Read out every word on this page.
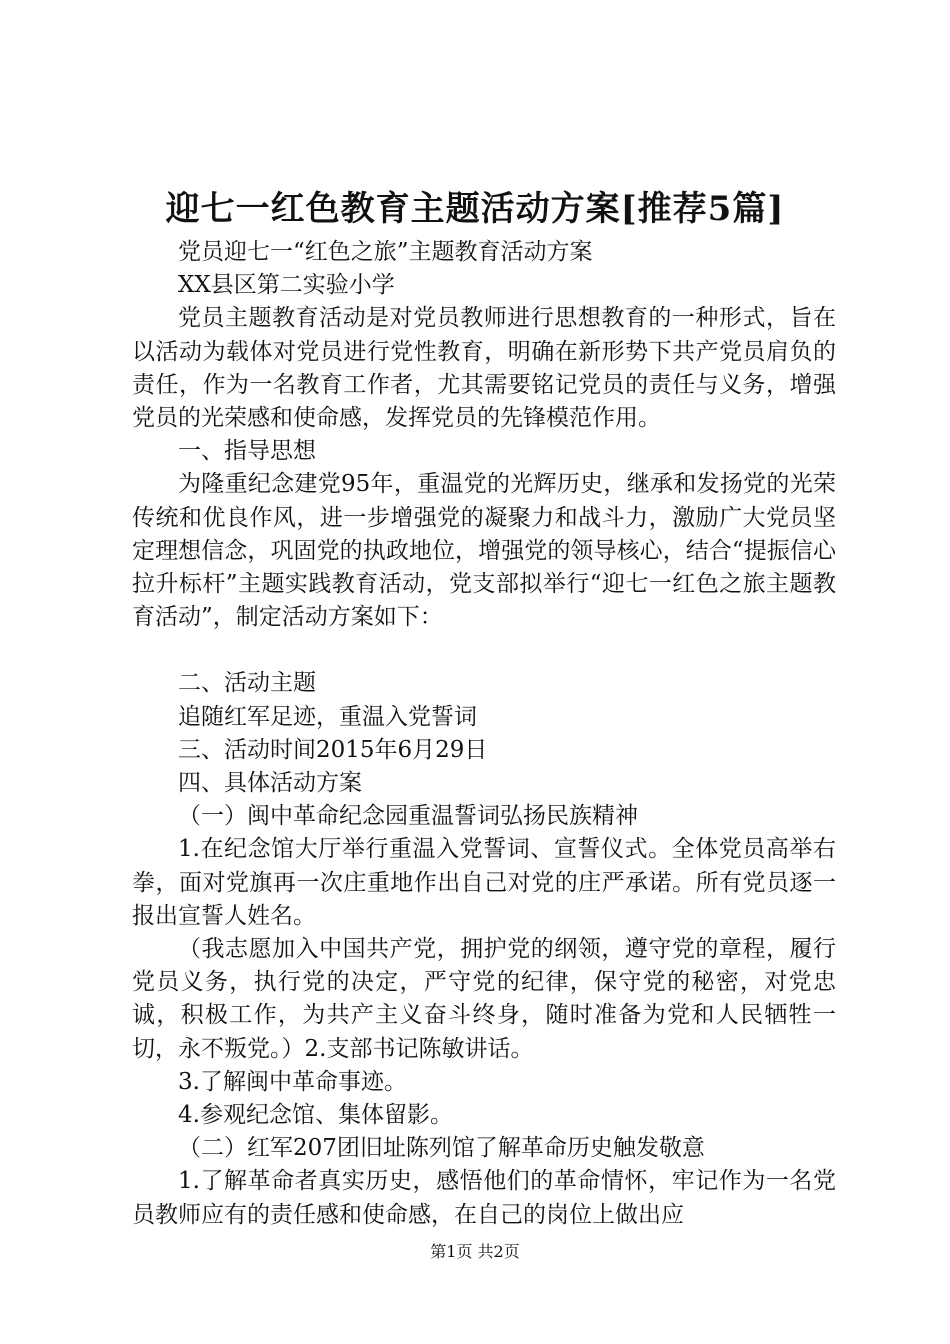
迎七一红色教育主题活动方案[推荐5篇]

党员迎七一“红色之旅”主题教育活动方案

XX县区第二实验小学

党员主题教育活动是对党员教师进行思想教育的一种形式，旨在以活动为载体对党员进行党性教育，明确在新形势下共产党员肩负的责任，作为一名教育工作者，尤其需要铭记党员的责任与义务，增强党员的光荣感和使命感，发挥党员的先锋模范作用。

一、指导思想

为隆重纪念建党95年，重温党的光辉历史，继承和发扬党的光荣传统和优良作风，进一步增强党的凝聚力和战斗力，激励广大党员坚定理想信念，巩固党的执政地位，增强党的领导核心，结合“提振信心拉升标杆”主题实践教育活动，党支部拟举行“迎七一红色之旅主题教育活动”，制定活动方案如下：

二、活动主题

追随红军足迹，重温入党誓词

三、活动时间2015年6月29日

四、具体活动方案

（一）闽中革命纪念园重温誓词弘扬民族精神

1.在纪念馆大厅举行重温入党誓词、宣誓仪式。全体党员高举右拳，面对党旗再一次庄重地作出自己对党的庄严承诺。所有党员逐一报出宣誓人姓名。

（我志愿加入中国共产党，拥护党的纲领，遵守党的章程，履行党员义务，执行党的决定，严守党的纪律，保守党的秘密，对党忠诚，积极工作，为共产主义奋斗终身，随时准备为党和人民牺牲一切，永不叛党。）2.支部书记陈敏讲话。

3.了解闽中革命事迹。

4.参观纪念馆、集体留影。

（二）红军207团旧址陈列馆了解革命历史触发敬意

1.了解革命者真实历史，感悟他们的革命情怀，牢记作为一名党员教师应有的责任感和使命感，在自己的岗位上做出应

第1页 共2页
